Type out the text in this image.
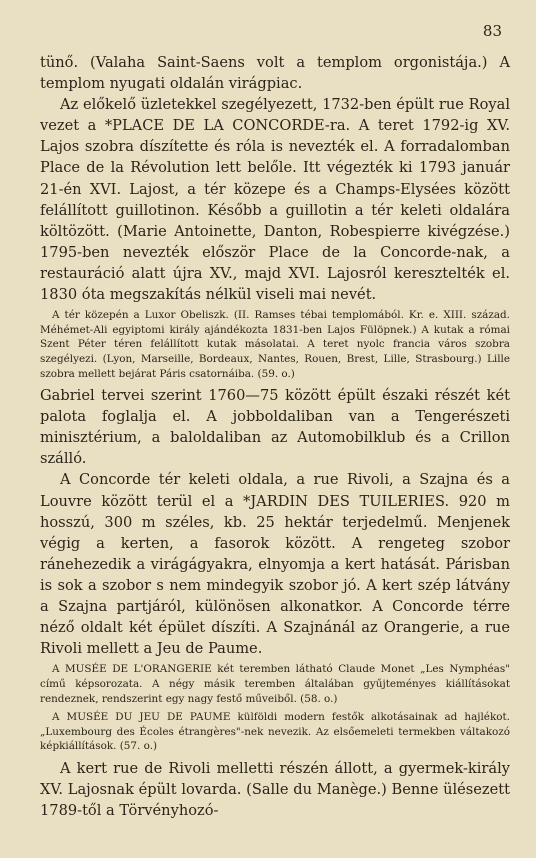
83

tünő. (Valaha Saint-Saens volt a templom orgonistája.) A templom nyugati oldalán virágpiac.

Az előkelő üzletekkel szegélyezett, 1732-ben épült rue Royal vezet a *PLACE DE LA CONCORDE-ra. A teret 1792-ig XV. Lajos szobra díszítette és róla is nevezték el. A forradalomban Place de la Révolution lett belőle. Itt végezték ki 1793 január 21-én XVI. Lajost, a tér közepe és a Champs-Elysées között felállított guillotinon. Később a guillotin a tér keleti oldalára költözött. (Marie Antoinette, Danton, Robespierre kivégzése.) 1795-ben nevezték először Place de la Concorde-nak, a restauráció alatt újra XV., majd XVI. Lajosról keresztelték el. 1830 óta megszakítás nélkül viseli mai nevét.

A tér közepén a Luxor Obeliszk. (II. Ramses tébai templomából. Kr. e. XIII. század. Méhémet-Ali egyiptomi király ajándékozta 1831-ben Lajos Fülöpnek.) A kutak a római Szent Péter téren felállított kutak másolatai. A teret nyolc francia város szobra szegélyezi. (Lyon, Marseille, Bordeaux, Nantes, Rouen, Brest, Lille, Strasbourg.) Lille szobra mellett bejárat Páris csatornáiba. (59. o.)

Gabriel tervei szerint 1760—75 között épült északi részét két palota foglalja el. A jobboldaliban van a Tengerészeti minisztérium, a baloldaliban az Automobilklub és a Crillon szálló.

A Concorde tér keleti oldala, a rue Rivoli, a Szajna és a Louvre között terül el a *JARDIN DES TUILERIES. 920 m hosszú, 300 m széles, kb. 25 hektár terjedelmű. Menjenek végig a kerten, a fasorok között. A rengeteg szobor ránehezedik a virágágyakra, elnyomja a kert hatását. Párisban is sok a szobor s nem mindegyik szobor jó. A kert szép látvány a Szajna partjáról, különösen alkonatkor. A Concorde térre néző oldalt két épület díszíti. A Szajnánál az Orangerie, a rue Rivoli mellett a Jeu de Paume.

A MUSÉE DE L'ORANGERIE két teremben látható Claude Monet „Les Nymphéas" című képsorozata. A négy másik teremben általában gyűjteményes kiállításokat rendeznek, rendszerint egy nagy festő műveiből. (58. o.)

A MUSÉE DU JEU DE PAUME külföldi modern festők alkotásainak ad hajlékot. „Luxembourg des Écoles étrangères"-nek nevezik. Az elsőemeleti termekben váltakozó képkiállítások. (57. o.)

A kert rue de Rivoli melletti részén állott, a gyermek-király XV. Lajosnak épült lovarda. (Salle du Manège.) Benne ülésezett 1789-től a Törvényhozó-
